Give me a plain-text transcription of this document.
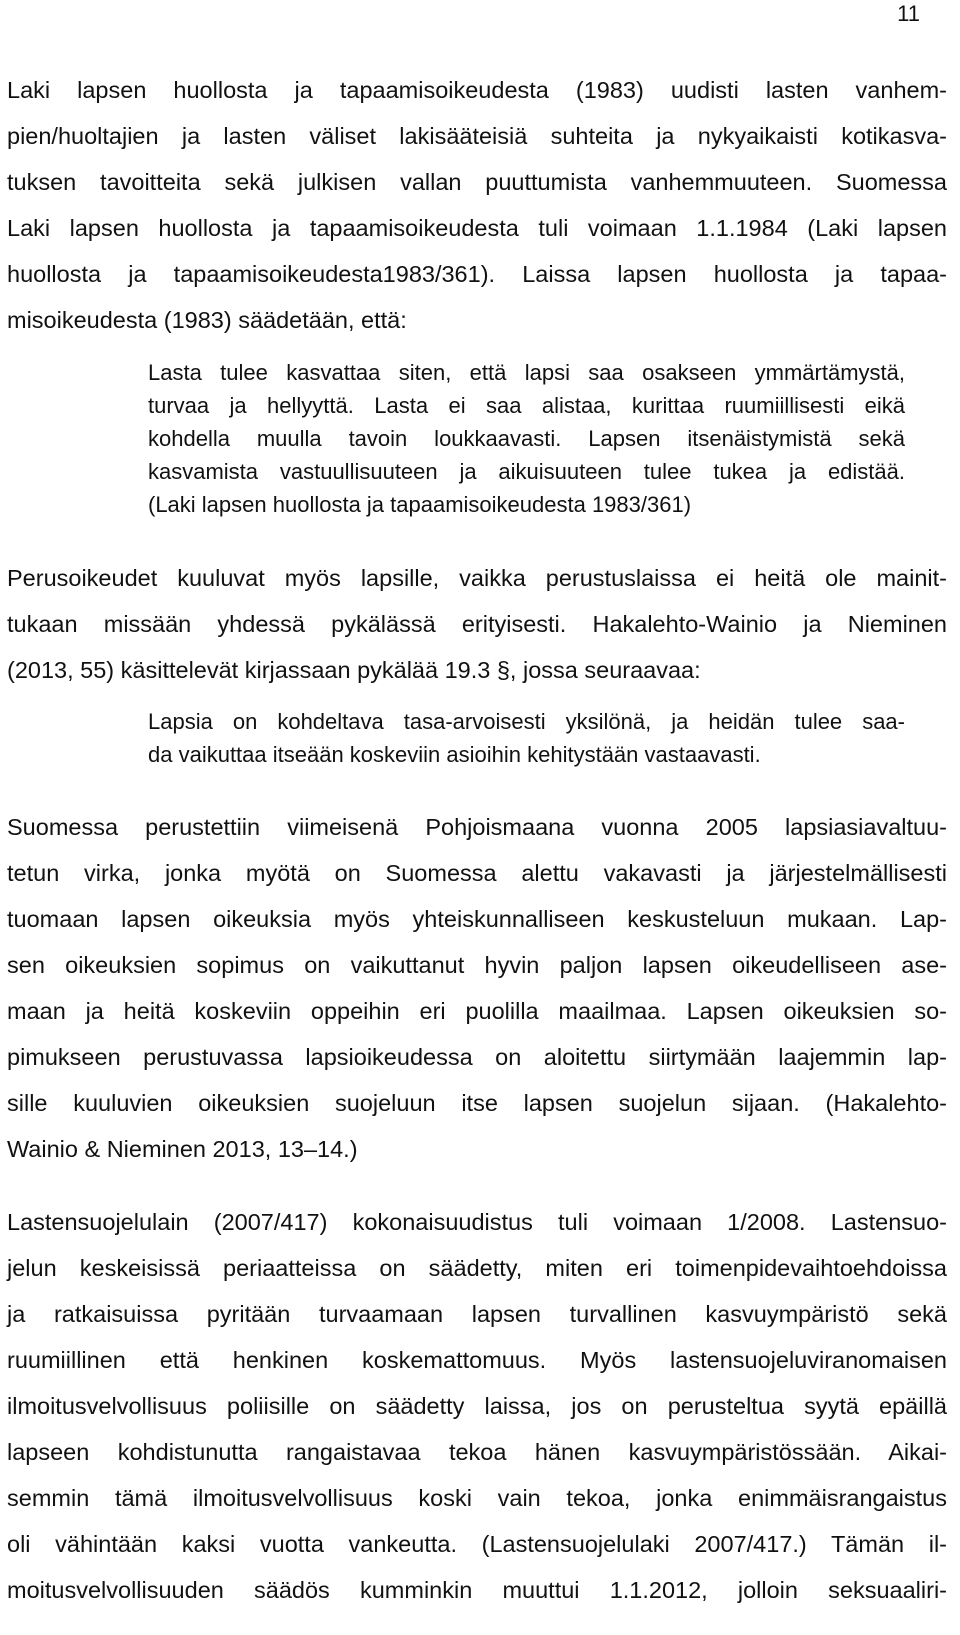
11
Laki lapsen huollosta ja tapaamisoikeudesta (1983) uudisti lasten vanhem-
pien/huoltajien ja lasten väliset lakisääteisiä suhteita ja nykyaikaisti kotikasva-
tuksen tavoitteita sekä julkisen vallan puuttumista vanhemmuuteen. Suomessa
Laki lapsen huollosta ja tapaamisoikeudesta tuli voimaan 1.1.1984 (Laki lapsen
huollosta ja tapaamisoikeudesta1983/361). Laissa lapsen huollosta ja tapaa-
misoikeudesta (1983) säädetään, että:
Lasta tulee kasvattaa siten, että lapsi saa osakseen ymmärtämystä,
turvaa ja hellyyttä. Lasta ei saa alistaa, kurittaa ruumiillisesti eikä
kohdella muulla tavoin loukkaavasti. Lapsen itsenäistymistä sekä
kasvamista vastuullisuuteen ja aikuisuuteen tulee tukea ja edistää.
(Laki lapsen huollosta ja tapaamisoikeudesta 1983/361)
Perusoikeudet kuuluvat myös lapsille, vaikka perustuslaissa ei heitä ole mainit-
tukaan missään yhdessä pykälässä erityisesti. Hakalehto-Wainio ja Nieminen
(2013, 55) käsittelevät kirjassaan pykälää 19.3 §, jossa seuraavaa:
Lapsia on kohdeltava tasa-arvoisesti yksilönä, ja heidän tulee saa-
da vaikuttaa itseään koskeviin asioihin kehitystään vastaavasti.
Suomessa perustettiin viimeisenä Pohjoismaana vuonna 2005 lapsiasiavaltuu-
tetun virka, jonka myötä on Suomessa alettu vakavasti ja järjestelmällisesti
tuomaan lapsen oikeuksia myös yhteiskunnalliseen keskusteluun mukaan. Lap-
sen oikeuksien sopimus on vaikuttanut hyvin paljon lapsen oikeudelliseen ase-
maan ja heitä koskeviin oppeihin eri puolilla maailmaa. Lapsen oikeuksien so-
pimukseen perustuvassa lapsioikeudessa on aloitettu siirtymään laajemmin lap-
sille kuuluvien oikeuksien suojeluun itse lapsen suojelun sijaan. (Hakalehto-
Wainio & Nieminen 2013, 13–14.)
Lastensuojelulain (2007/417) kokonaisuudistus tuli voimaan 1/2008. Lastensuo-
jelun keskeisissä periaatteissa on säädetty, miten eri toimenpidevaihtoehdoissa
ja ratkaisuissa pyritään turvaamaan lapsen turvallinen kasvuympäristö sekä
ruumiillinen että henkinen koskemattomuus. Myös lastensuojeluviranomaisen
ilmoitusvelvollisuus poliisille on säädetty laissa, jos on perusteltua syytä epäillä
lapseen kohdistunutta rangaistavaa tekoa hänen kasvuympäristössään. Aikai-
semmin tämä ilmoitusvelvollisuus koski vain tekoa, jonka enimmäisrangaistus
oli vähintään kaksi vuotta vankeutta. (Lastensuojelulaki 2007/417.) Tämän il-
moitusvelvollisuuden säädös kumminkin muuttui 1.1.2012, jolloin seksuaaliri-
